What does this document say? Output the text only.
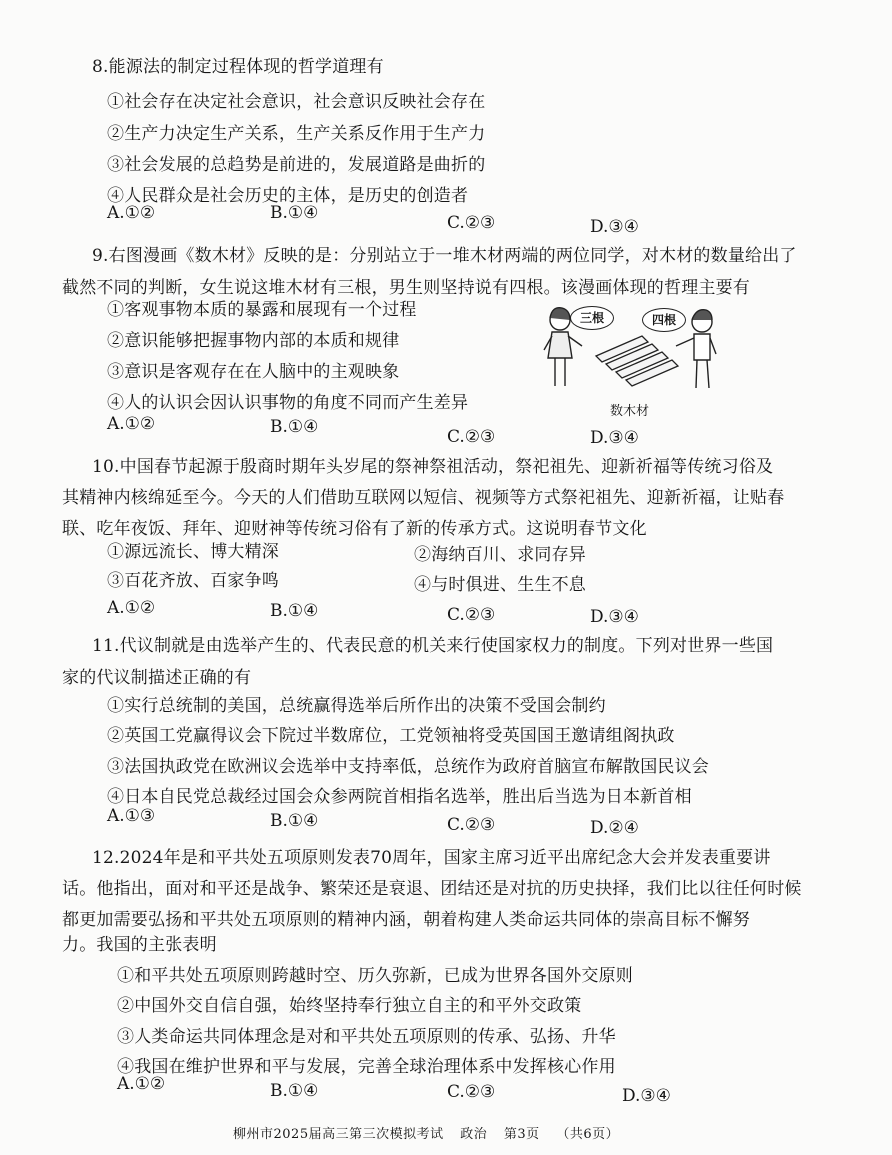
8.能源法的制定过程体现的哲学道理有
①社会存在决定社会意识，社会意识反映社会存在
②生产力决定生产关系，生产关系反作用于生产力
③社会发展的总趋势是前进的，发展道路是曲折的
④人民群众是社会历史的主体，是历史的创造者
A.①②	B.①④	C.②③	D.③④
9.右图漫画《数木材》反映的是：分别站立于一堆木材两端的两位同学，对木材的数量给出了
截然不同的判断，女生说这堆木材有三根，男生则坚持说有四根。该漫画体现的哲理主要有
①客观事物本质的暴露和展现有一个过程
②意识能够把握事物内部的本质和规律
③意识是客观存在在人脑中的主观映象
④人的认识会因认识事物的角度不同而产生差异
A.①②	B.①④	C.②③	D.③④
三根	四根
数木材
10.中国春节起源于殷商时期年头岁尾的祭神祭祖活动，祭祀祖先、迎新祈福等传统习俗及
其精神内核绵延至今。今天的人们借助互联网以短信、视频等方式祭祀祖先、迎新祈福，让贴春
联、吃年夜饭、拜年、迎财神等传统习俗有了新的传承方式。这说明春节文化
①源远流长、博大精深	②海纳百川、求同存异
③百花齐放、百家争鸣	④与时俱进、生生不息
A.①②	B.①④	C.②③	D.③④
11.代议制就是由选举产生的、代表民意的机关来行使国家权力的制度。下列对世界一些国
家的代议制描述正确的有
①实行总统制的美国，总统赢得选举后所作出的决策不受国会制约
②英国工党赢得议会下院过半数席位，工党领袖将受英国国王邀请组阁执政
③法国执政党在欧洲议会选举中支持率低，总统作为政府首脑宣布解散国民议会
④日本自民党总裁经过国会众参两院首相指名选举，胜出后当选为日本新首相
A.①③	B.①④	C.②③	D.②④
12.2024年是和平共处五项原则发表70周年，国家主席习近平出席纪念大会并发表重要讲
话。他指出，面对和平还是战争、繁荣还是衰退、团结还是对抗的历史抉择，我们比以往任何时候
都更加需要弘扬和平共处五项原则的精神内涵，朝着构建人类命运共同体的崇高目标不懈努
力。我国的主张表明
①和平共处五项原则跨越时空、历久弥新，已成为世界各国外交原则
②中国外交自信自强，始终坚持奉行独立自主的和平外交政策
③人类命运共同体理念是对和平共处五项原则的传承、弘扬、升华
④我国在维护世界和平与发展，完善全球治理体系中发挥核心作用
A.①②	B.①④	C.②③	D.③④
柳州市2025届高三第三次模拟考试 政治 第3页 （共6页）
